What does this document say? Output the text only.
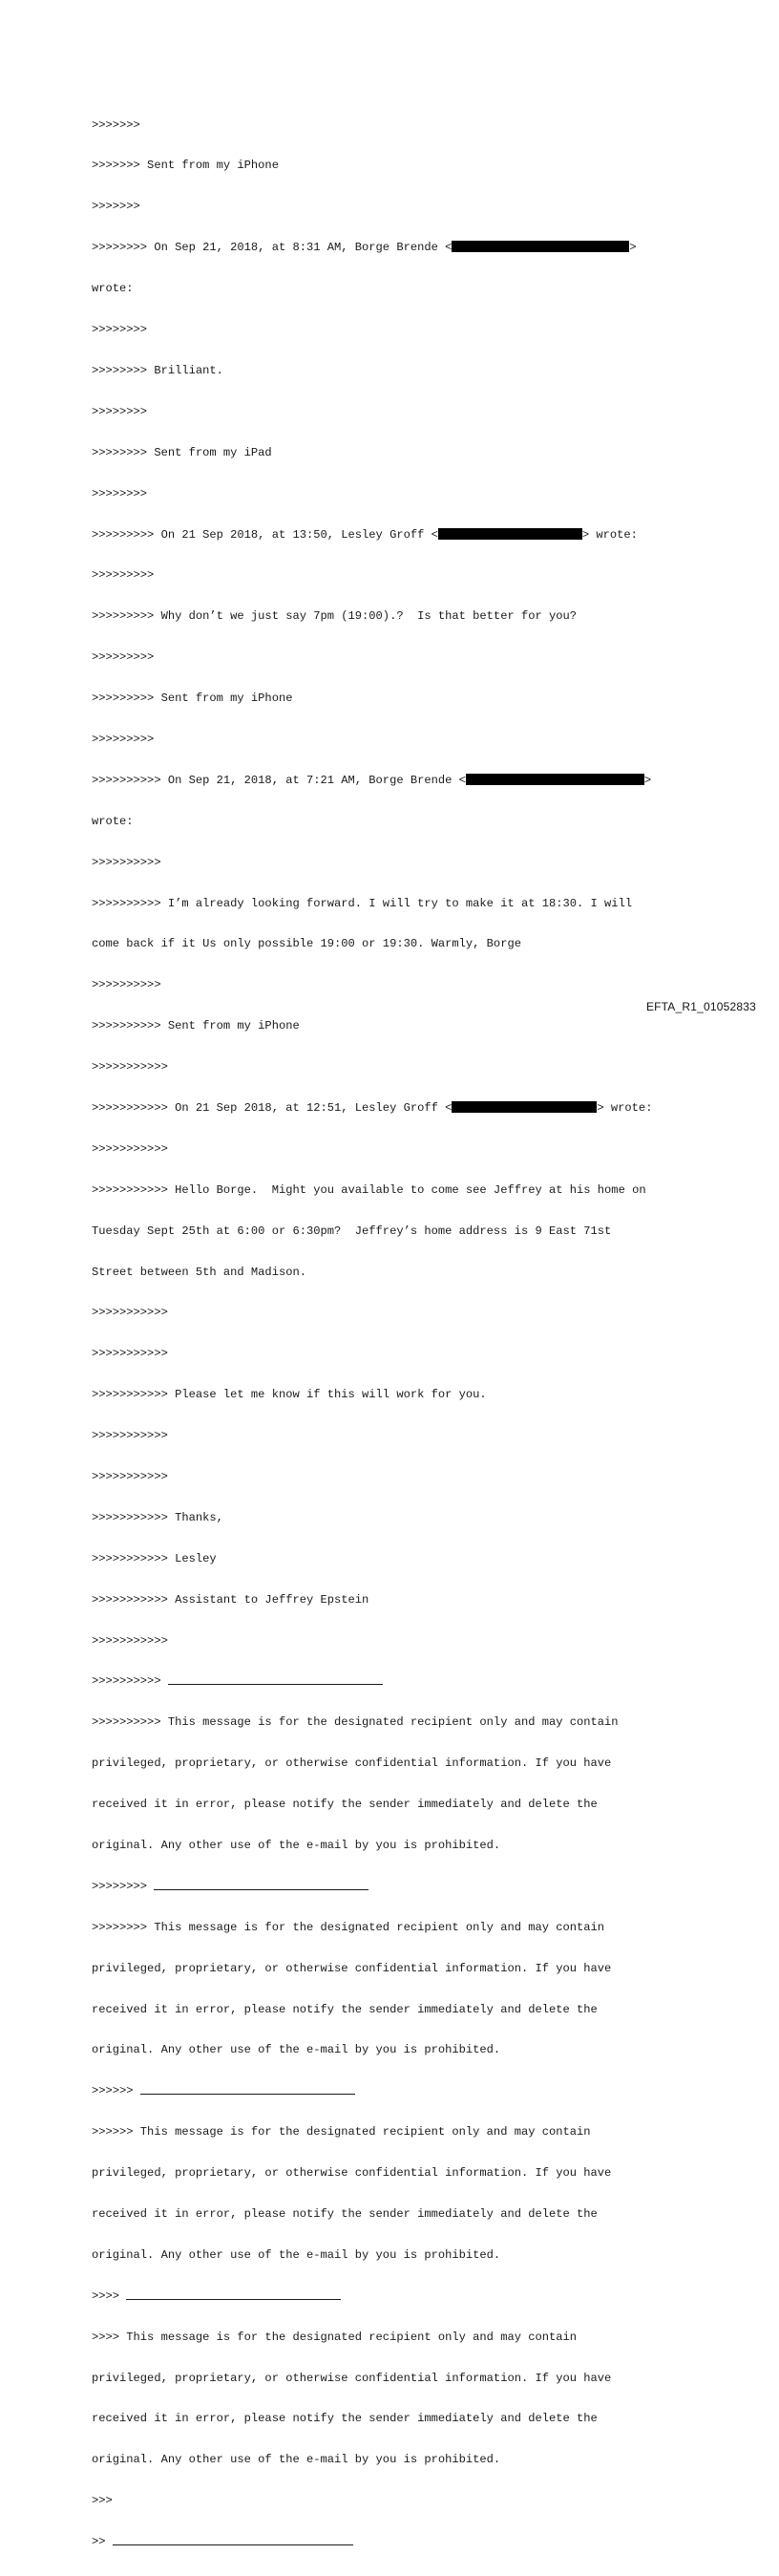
>>>>>>>

>>>>>>> Sent from my iPhone

>>>>>>>

>>>>>>>> On Sep 21, 2018, at 8:31 AM, Borge Brende <	>

wrote:

>>>>>>>>

>>>>>>>> Brilliant.

>>>>>>>>

>>>>>>>> Sent from my iPad

>>>>>>>>

>>>>>>>>> On 21 Sep 2018, at 13:50, Lesley Groff <	> wrote:

>>>>>>>>>

>>>>>>>>> Why don’t we just say 7pm (19:00).?  Is that better for you?

>>>>>>>>>

>>>>>>>>> Sent from my iPhone

>>>>>>>>>

>>>>>>>>>> On Sep 21, 2018, at 7:21 AM, Borge Brende <	>

wrote:

>>>>>>>>>>

>>>>>>>>>> I’m already looking forward. I will try to make it at 18:30. I will

come back if it Us only possible 19:00 or 19:30. Warmly, Borge

>>>>>>>>>>

>>>>>>>>>> Sent from my iPhone

>>>>>>>>>>>

>>>>>>>>>>> On 21 Sep 2018, at 12:51, Lesley Groff <	> wrote:

>>>>>>>>>>>

>>>>>>>>>>> Hello Borge.  Might you available to come see Jeffrey at his home on

Tuesday Sept 25th at 6:00 or 6:30pm?  Jeffrey’s home address is 9 East 71st

Street between 5th and Madison.

>>>>>>>>>>>

>>>>>>>>>>>

>>>>>>>>>>> Please let me know if this will work for you.

>>>>>>>>>>>

>>>>>>>>>>>

>>>>>>>>>>> Thanks,

>>>>>>>>>>> Lesley

>>>>>>>>>>> Assistant to Jeffrey Epstein

>>>>>>>>>>>

>>>>>>>>>>

>>>>>>>>>> This message is for the designated recipient only and may contain

privileged, proprietary, or otherwise confidential information. If you have

received it in error, please notify the sender immediately and delete the

original. Any other use of the e-mail by you is prohibited.

>>>>>>>>

>>>>>>>> This message is for the designated recipient only and may contain

privileged, proprietary, or otherwise confidential information. If you have

received it in error, please notify the sender immediately and delete the

original. Any other use of the e-mail by you is prohibited.

>>>>>>

>>>>>> This message is for the designated recipient only and may contain

privileged, proprietary, or otherwise confidential information. If you have

received it in error, please notify the sender immediately and delete the

original. Any other use of the e-mail by you is prohibited.

>>>>

>>>> This message is for the designated recipient only and may contain

privileged, proprietary, or otherwise confidential information. If you have

received it in error, please notify the sender immediately and delete the

original. Any other use of the e-mail by you is prohibited.

>>>

>>

EFTA_R1_01052833
